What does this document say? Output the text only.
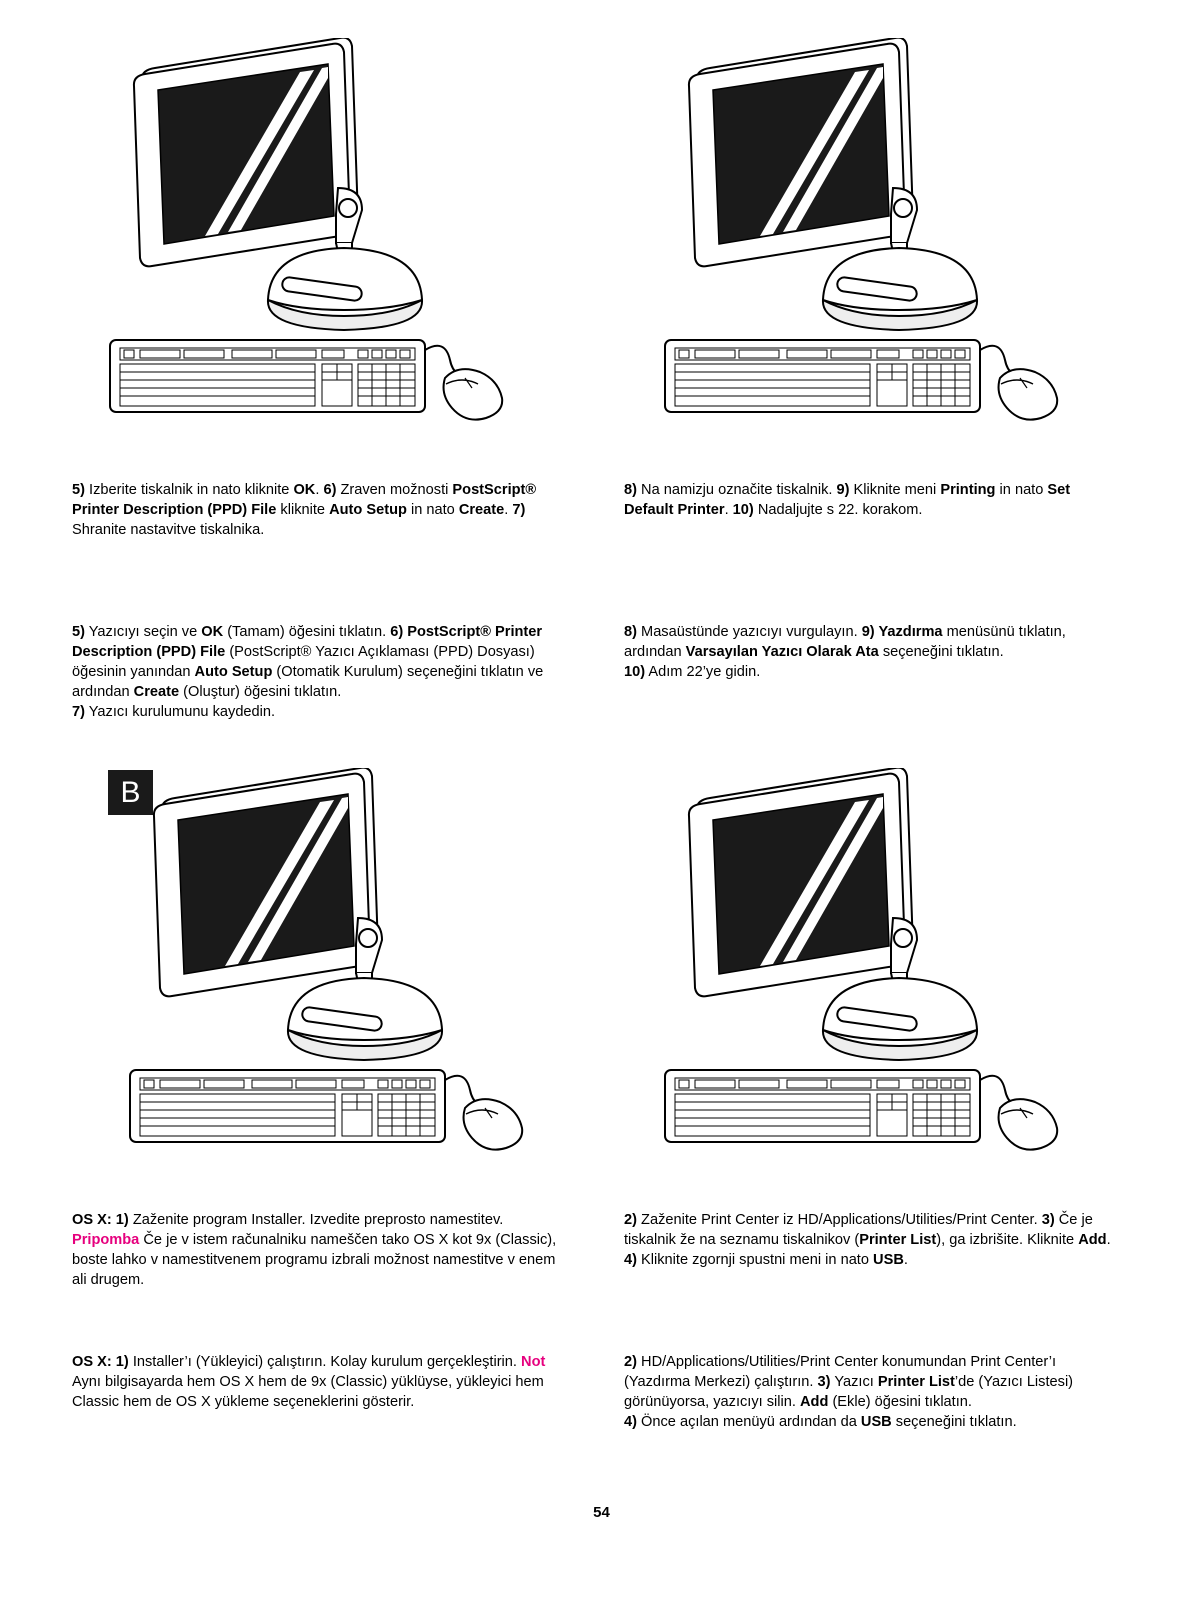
B
5) Izberite tiskalnik in nato kliknite OK. 6) Zraven možnosti PostScript® Printer Description (PPD) File kliknite Auto Setup in nato Create. 7) Shranite nastavitve tiskalnika.
5) Yazıcıyı seçin ve OK (Tamam) öğesini tıklatın. 6) PostScript® Printer Description (PPD) File (PostScript® Yazıcı Açıklaması (PPD) Dosyası) öğesinin yanından Auto Setup (Otomatik Kurulum) seçeneğini tıklatın ve ardından Create (Oluştur) öğesini tıklatın.
7) Yazıcı kurulumunu kaydedin.
8) Na namizju označite tiskalnik. 9) Kliknite meni Printing in nato Set Default Printer. 10) Nadaljujte s 22. korakom.
8) Masaüstünde yazıcıyı vurgulayın. 9) Yazdırma menüsünü tıklatın, ardından Varsayılan Yazıcı Olarak Ata seçeneğini tıklatın.
10) Adım 22’ye gidin.
OS X: 1) Zaženite program Installer. Izvedite preprosto namestitev. Pripomba Če je v istem računalniku nameščen tako OS X kot 9x (Classic), boste lahko v namestitvenem programu izbrali možnost namestitve v enem ali drugem.
OS X: 1) Installer’ı (Yükleyici) çalıştırın. Kolay kurulum gerçekleştirin. Not Aynı bilgisayarda hem OS X hem de 9x (Classic) yüklüyse, yükleyici hem Classic hem de OS X yükleme seçeneklerini gösterir.
2) Zaženite Print Center iz HD/Applications/Utilities/Print Center. 3) Če je tiskalnik že na seznamu tiskalnikov (Printer List), ga izbrišite. Kliknite Add. 4) Kliknite zgornji spustni meni in nato USB.
2) HD/Applications/Utilities/Print Center konumundan Print Center’ı (Yazdırma Merkezi) çalıştırın. 3) Yazıcı Printer List’de (Yazıcı Listesi) görünüyorsa, yazıcıyı silin. Add (Ekle) öğesini tıklatın.
4) Önce açılan menüyü ardından da USB seçeneğini tıklatın.
54
